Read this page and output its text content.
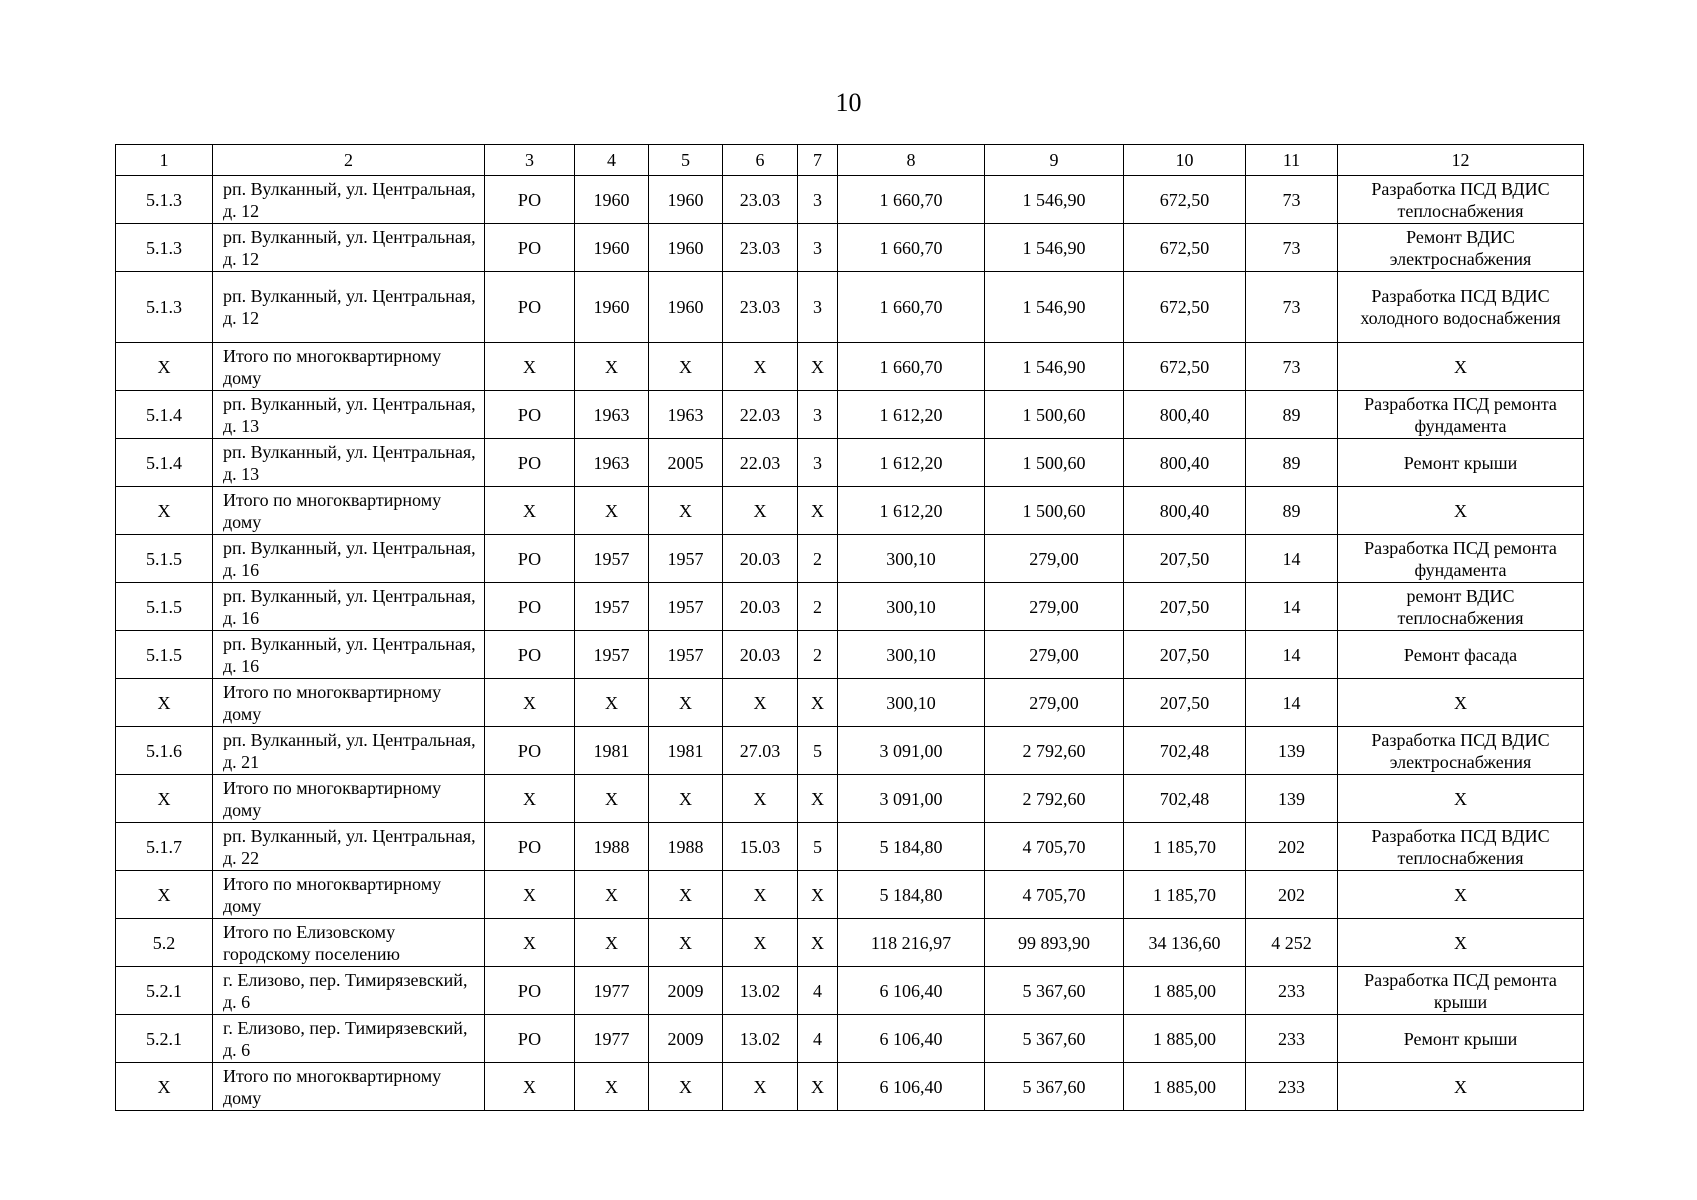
10
1	2	3	4	5	6	7	8	9	10	11	12
5.1.3	рп. Вулканный, ул. Центральная, д. 12	РО	1960	1960	23.03	3	1 660,70	1 546,90	672,50	73	Разработка ПСД ВДИС теплоснабжения
5.1.3	рп. Вулканный, ул. Центральная, д. 12	РО	1960	1960	23.03	3	1 660,70	1 546,90	672,50	73	Ремонт ВДИС электроснабжения
5.1.3	рп. Вулканный, ул. Центральная, д. 12	РО	1960	1960	23.03	3	1 660,70	1 546,90	672,50	73	Разработка ПСД ВДИС холодного водоснабжения
X	Итого по многоквартирному дому	X	X	X	X	X	1 660,70	1 546,90	672,50	73	X
5.1.4	рп. Вулканный, ул. Центральная, д. 13	РО	1963	1963	22.03	3	1 612,20	1 500,60	800,40	89	Разработка ПСД ремонта фундамента
5.1.4	рп. Вулканный, ул. Центральная, д. 13	РО	1963	2005	22.03	3	1 612,20	1 500,60	800,40	89	Ремонт крыши
X	Итого по многоквартирному дому	X	X	X	X	X	1 612,20	1 500,60	800,40	89	X
5.1.5	рп. Вулканный, ул. Центральная, д. 16	РО	1957	1957	20.03	2	300,10	279,00	207,50	14	Разработка ПСД ремонта фундамента
5.1.5	рп. Вулканный, ул. Центральная, д. 16	РО	1957	1957	20.03	2	300,10	279,00	207,50	14	ремонт ВДИС теплоснабжения
5.1.5	рп. Вулканный, ул. Центральная, д. 16	РО	1957	1957	20.03	2	300,10	279,00	207,50	14	Ремонт фасада
X	Итого по многоквартирному дому	X	X	X	X	X	300,10	279,00	207,50	14	X
5.1.6	рп. Вулканный, ул. Центральная, д. 21	РО	1981	1981	27.03	5	3 091,00	2 792,60	702,48	139	Разработка ПСД ВДИС электроснабжения
X	Итого по многоквартирному дому	X	X	X	X	X	3 091,00	2 792,60	702,48	139	X
5.1.7	рп. Вулканный, ул. Центральная, д. 22	РО	1988	1988	15.03	5	5 184,80	4 705,70	1 185,70	202	Разработка ПСД ВДИС теплоснабжения
X	Итого по многоквартирному дому	X	X	X	X	X	5 184,80	4 705,70	1 185,70	202	X
5.2	Итого по Елизовскому городскому поселению	X	X	X	X	X	118 216,97	99 893,90	34 136,60	4 252	X
5.2.1	г. Елизово, пер. Тимирязевский, д. 6	РО	1977	2009	13.02	4	6 106,40	5 367,60	1 885,00	233	Разработка ПСД ремонта крыши
5.2.1	г. Елизово, пер. Тимирязевский, д. 6	РО	1977	2009	13.02	4	6 106,40	5 367,60	1 885,00	233	Ремонт крыши
X	Итого по многоквартирному дому	X	X	X	X	X	6 106,40	5 367,60	1 885,00	233	X
